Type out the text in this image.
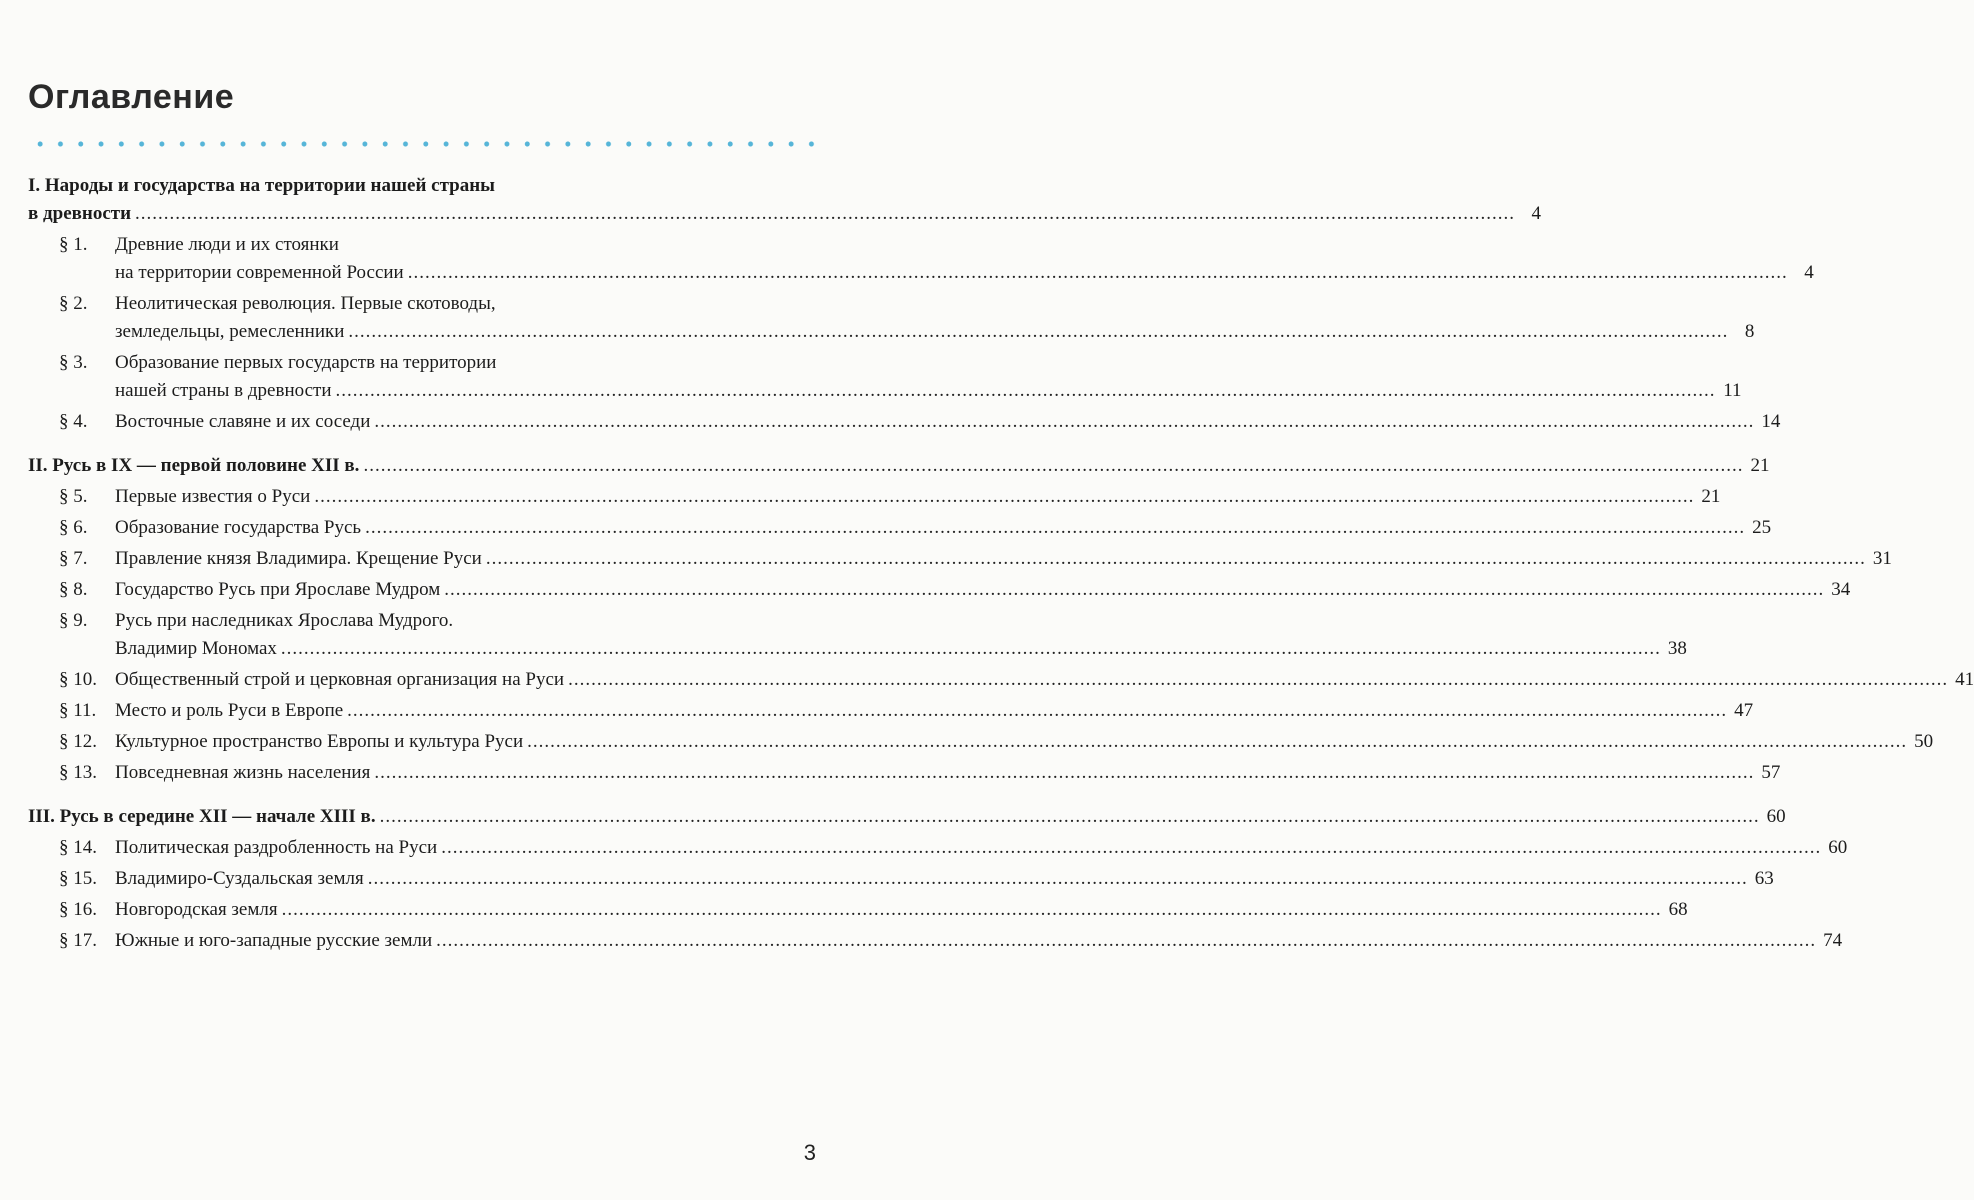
Оглавление
I. Народы и государства на территории нашей страны
в древности .....	4
§ 1.	Древние люди и их стоянки
на территории современной России .....	4
§ 2.	Неолитическая революция. Первые скотоводы,
земледельцы, ремесленники .....	8
§ 3.	Образование первых государств на территории
нашей страны в древности .....	11
§ 4.	Восточные славяне и их соседи .....	14
II. Русь в IX — первой половине XII в. .....	21
§ 5.	Первые известия о Руси .....	21
§ 6.	Образование государства Русь .....	25
§ 7.	Правление князя Владимира. Крещение Руси .....	31
§ 8.	Государство Русь при Ярославе Мудром .....	34
§ 9.	Русь при наследниках Ярослава Мудрого.
Владимир Мономах .....	38
§ 10. Общественный строй и церковная организация на Руси .....	41
§ 11. Место и роль Руси в Европе .....	47
§ 12. Культурное пространство Европы и культура Руси .....	50
§ 13. Повседневная жизнь населения .....	57
III. Русь в середине XII — начале XIII в. .....	60
§ 14. Политическая раздробленность на Руси .....	60
§ 15. Владимиро-Суздальская земля .....	63
§ 16. Новгородская земля .....	68
§ 17. Южные и юго-западные русские земли .....	74
3
